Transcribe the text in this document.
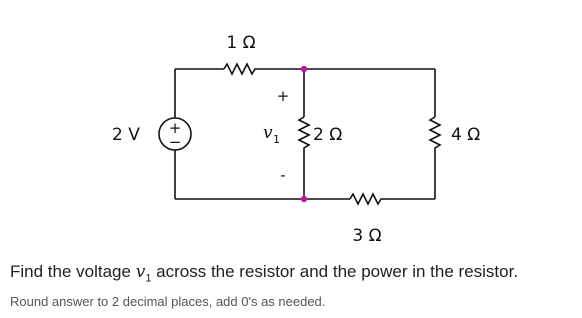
+
−
1 Ω
2 Ω	4 Ω
3 Ω
2 V
+
v 1
-
Find the voltage $v_1$ across the resistor and the power in the resistor.
Round answer to 2 decimal places, add 0's as needed.
